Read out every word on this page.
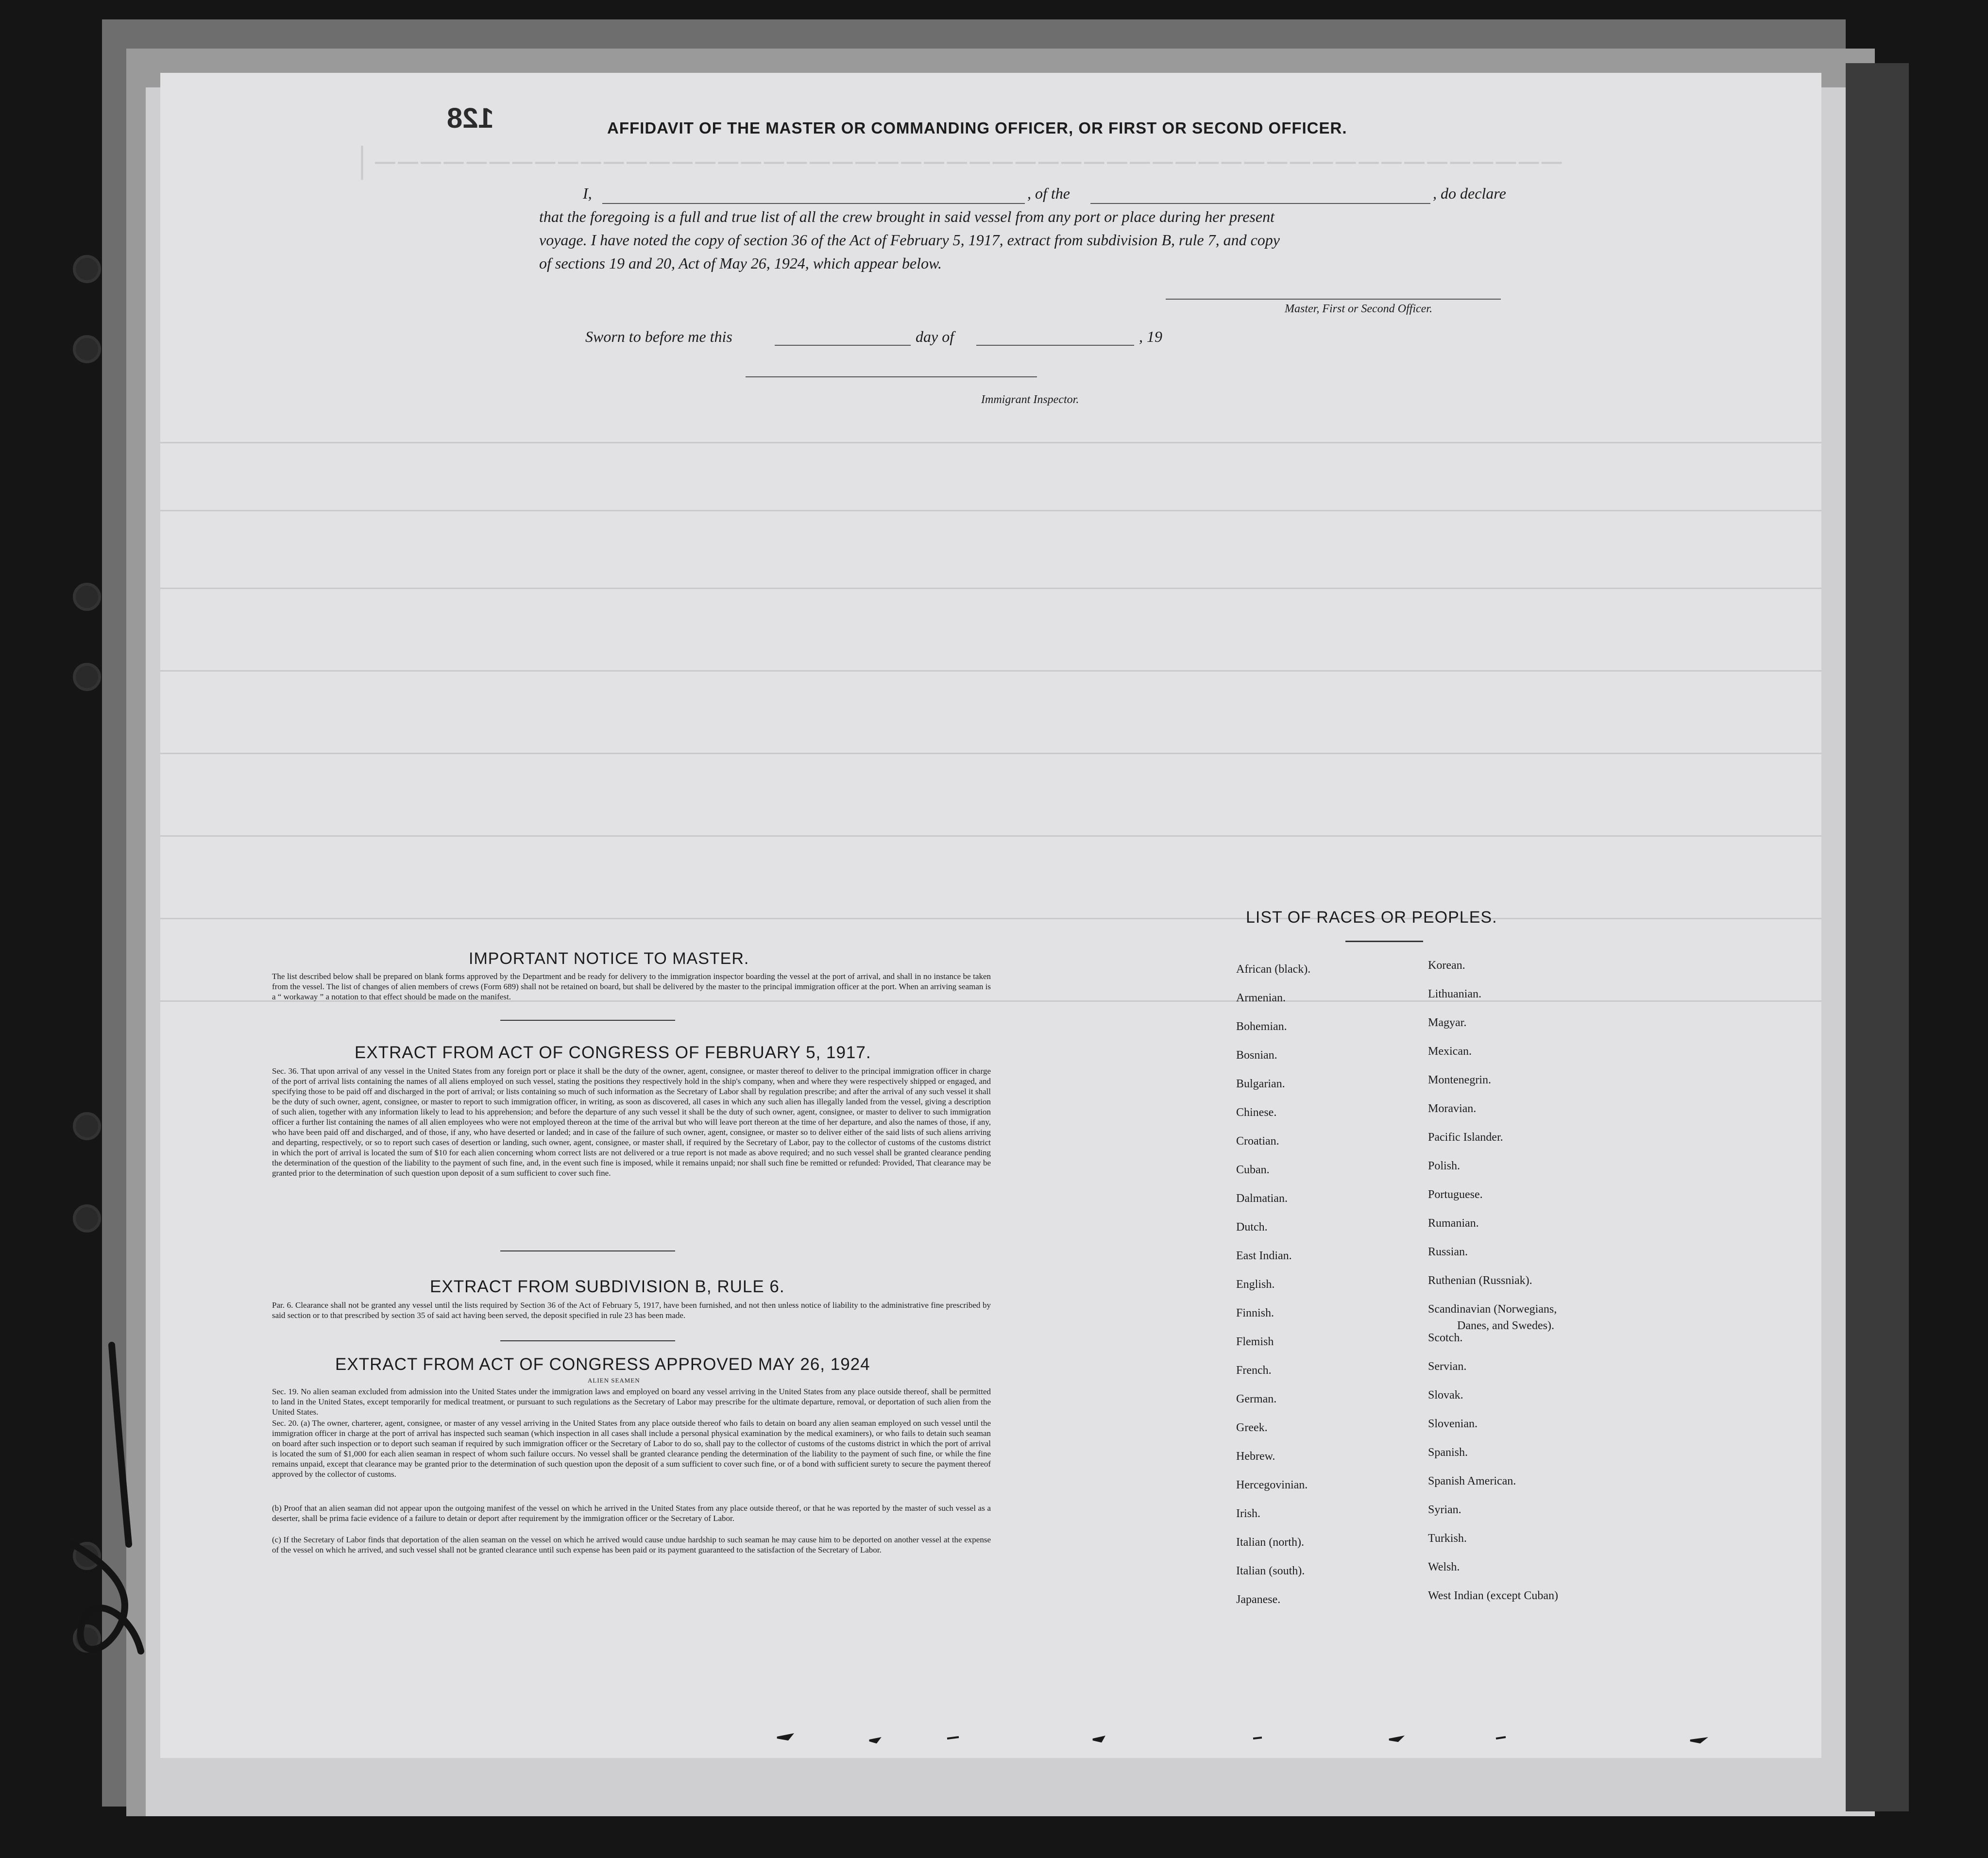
│────────────────────────────────────────────────────
128	AFFIDAVIT OF THE MASTER OR COMMANDING OFFICER, OR FIRST OR SECOND OFFICER.
I,	, of the	, do declare
that the foregoing is a full and true list of all the crew brought in said vessel from any port or place during her present
voyage. I have noted the copy of section 36 of the Act of February 5, 1917, extract from subdivision B, rule 7, and copy
of sections 19 and 20, Act of May 26, 1924, which appear below.
Master, First or Second Officer.
Sworn to before me this	day of	, 19
Immigrant Inspector.
IMPORTANT NOTICE TO MASTER.
The list described below shall be prepared on blank forms approved by the Department and be ready for delivery to the immigration inspector boarding the vessel at the port of arrival, and shall in no instance be taken from the vessel. The list of changes of alien members of crews (Form 689) shall not be retained on board, but shall be delivered by the master to the principal immigration officer at the port. When an arriving seaman is a “ workaway ” a notation to that effect should be made on the manifest.
EXTRACT FROM ACT OF CONGRESS OF FEBRUARY 5, 1917.
Sec. 36. That upon arrival of any vessel in the United States from any foreign port or place it shall be the duty of the owner, agent, consignee, or master thereof to deliver to the principal immigration officer in charge of the port of arrival lists containing the names of all aliens employed on such vessel, stating the positions they respectively hold in the ship's company, when and where they were respectively shipped or engaged, and specifying those to be paid off and discharged in the port of arrival; or lists containing so much of such information as the Secretary of Labor shall by regulation prescribe; and after the arrival of any such vessel it shall be the duty of such owner, agent, consignee, or master to report to such immigration officer, in writing, as soon as discovered, all cases in which any such alien has illegally landed from the vessel, giving a description of such alien, together with any information likely to lead to his apprehension; and before the departure of any such vessel it shall be the duty of such owner, agent, consignee, or master to deliver to such immigration officer a further list containing the names of all alien employees who were not employed thereon at the time of the arrival but who will leave port thereon at the time of her departure, and also the names of those, if any, who have been paid off and discharged, and of those, if any, who have deserted or landed; and in case of the failure of such owner, agent, consignee, or master so to deliver either of the said lists of such aliens arriving and departing, respectively, or so to report such cases of desertion or landing, such owner, agent, consignee, or master shall, if required by the Secretary of Labor, pay to the collector of customs of the customs district in which the port of arrival is located the sum of $10 for each alien concerning whom correct lists are not delivered or a true report is not made as above required; and no such vessel shall be granted clearance pending the determination of the question of the liability to the payment of such fine, and, in the event such fine is imposed, while it remains unpaid; nor shall such fine be remitted or refunded: Provided, That clearance may be granted prior to the determination of such question upon deposit of a sum sufficient to cover such fine.
EXTRACT FROM SUBDIVISION B, RULE 6.
Par. 6. Clearance shall not be granted any vessel until the lists required by Section 36 of the Act of February 5, 1917, have been furnished, and not then unless notice of liability to the administrative fine prescribed by said section or to that prescribed by section 35 of said act having been served, the deposit specified in rule 23 has been made.
EXTRACT FROM ACT OF CONGRESS APPROVED MAY 26, 1924
ALIEN SEAMEN
Sec. 19. No alien seaman excluded from admission into the United States under the immigration laws and employed on board any vessel arriving in the United States from any place outside thereof, shall be permitted to land in the United States, except temporarily for medical treatment, or pursuant to such regulations as the Secretary of Labor may prescribe for the ultimate departure, removal, or deportation of such alien from the United States.
Sec. 20. (a) The owner, charterer, agent, consignee, or master of any vessel arriving in the United States from any place outside thereof who fails to detain on board any alien seaman employed on such vessel until the immigration officer in charge at the port of arrival has inspected such seaman (which inspection in all cases shall include a personal physical examination by the medical examiners), or who fails to detain such seaman on board after such inspection or to deport such seaman if required by such immigration officer or the Secretary of Labor to do so, shall pay to the collector of customs of the customs district in which the port of arrival is located the sum of $1,000 for each alien seaman in respect of whom such failure occurs. No vessel shall be granted clearance pending the determination of the liability to the payment of such fine, or while the fine remains unpaid, except that clearance may be granted prior to the determination of such question upon the deposit of a sum sufficient to cover such fine, or of a bond with sufficient surety to secure the payment thereof approved by the collector of customs.
(b) Proof that an alien seaman did not appear upon the outgoing manifest of the vessel on which he arrived in the United States from any place outside thereof, or that he was reported by the master of such vessel as a deserter, shall be prima facie evidence of a failure to detain or deport after requirement by the immigration officer or the Secretary of Labor.
(c) If the Secretary of Labor finds that deportation of the alien seaman on the vessel on which he arrived would cause undue hardship to such seaman he may cause him to be deported on another vessel at the expense of the vessel on which he arrived, and such vessel shall not be granted clearance until such expense has been paid or its payment guaranteed to the satisfaction of the Secretary of Labor.
LIST OF RACES OR PEOPLES.
African (black).
Armenian.
Bohemian.
Bosnian.
Bulgarian.
Chinese.
Croatian.
Cuban.
Dalmatian.
Dutch.
East Indian.
English.
Finnish.
Flemish
French.
German.
Greek.
Hebrew.
Hercegovinian.
Irish.
Italian (north).
Italian (south).
Japanese.
Korean.
Lithuanian.
Magyar.
Mexican.
Montenegrin.
Moravian.
Pacific Islander.
Polish.
Portuguese.
Rumanian.
Russian.
Ruthenian (Russniak).
Scandinavian (Norwegians,
Danes, and Swedes).
Scotch.
Servian.
Slovak.
Slovenian.
Spanish.
Spanish American.
Syrian.
Turkish.
Welsh.
West Indian (except Cuban)
